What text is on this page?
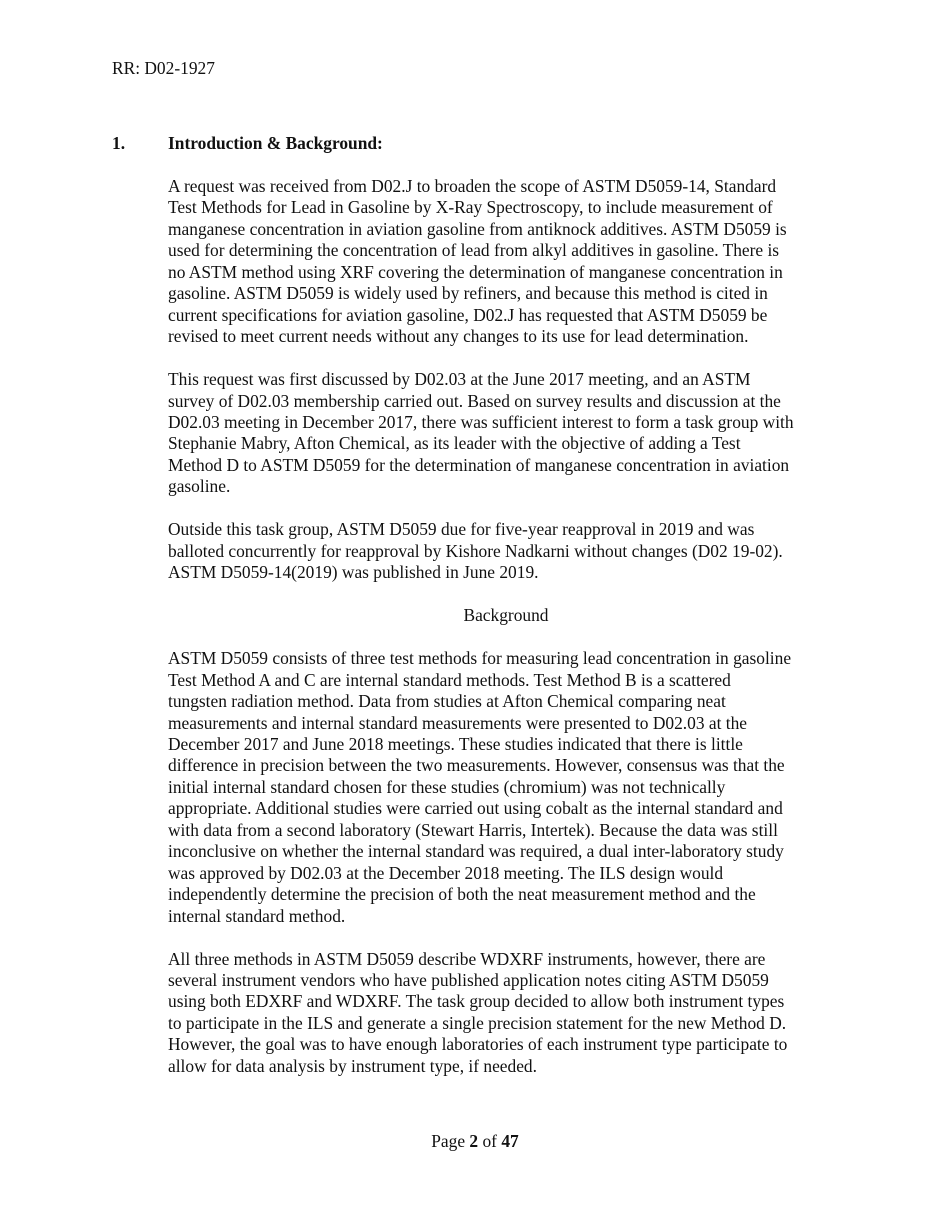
RR: D02-1927
1. Introduction & Background:

A request was received from D02.J to broaden the scope of ASTM D5059-14, Standard
Test Methods for Lead in Gasoline by X-Ray Spectroscopy, to include measurement of
manganese concentration in aviation gasoline from antiknock additives. ASTM D5059 is
used for determining the concentration of lead from alkyl additives in gasoline. There is
no ASTM method using XRF covering the determination of manganese concentration in
gasoline. ASTM D5059 is widely used by refiners, and because this method is cited in
current specifications for aviation gasoline, D02.J has requested that ASTM D5059 be
revised to meet current needs without any changes to its use for lead determination.

This request was first discussed by D02.03 at the June 2017 meeting, and an ASTM
survey of D02.03 membership carried out. Based on survey results and discussion at the
D02.03 meeting in December 2017, there was sufficient interest to form a task group with
Stephanie Mabry, Afton Chemical, as its leader with the objective of adding a Test
Method D to ASTM D5059 for the determination of manganese concentration in aviation
gasoline.

Outside this task group, ASTM D5059 due for five-year reapproval in 2019 and was
balloted concurrently for reapproval by Kishore Nadkarni without changes (D02 19-02).
ASTM D5059-14(2019) was published in June 2019.

Background

ASTM D5059 consists of three test methods for measuring lead concentration in gasoline
Test Method A and C are internal standard methods. Test Method B is a scattered
tungsten radiation method. Data from studies at Afton Chemical comparing neat
measurements and internal standard measurements were presented to D02.03 at the
December 2017 and June 2018 meetings. These studies indicated that there is little
difference in precision between the two measurements. However, consensus was that the
initial internal standard chosen for these studies (chromium) was not technically
appropriate. Additional studies were carried out using cobalt as the internal standard and
with data from a second laboratory (Stewart Harris, Intertek). Because the data was still
inconclusive on whether the internal standard was required, a dual inter-laboratory study
was approved by D02.03 at the December 2018 meeting. The ILS design would
independently determine the precision of both the neat measurement method and the
internal standard method.

All three methods in ASTM D5059 describe WDXRF instruments, however, there are
several instrument vendors who have published application notes citing ASTM D5059
using both EDXRF and WDXRF. The task group decided to allow both instrument types
to participate in the ILS and generate a single precision statement for the new Method D.
However, the goal was to have enough laboratories of each instrument type participate to
allow for data analysis by instrument type, if needed.

Page 2 of 47
